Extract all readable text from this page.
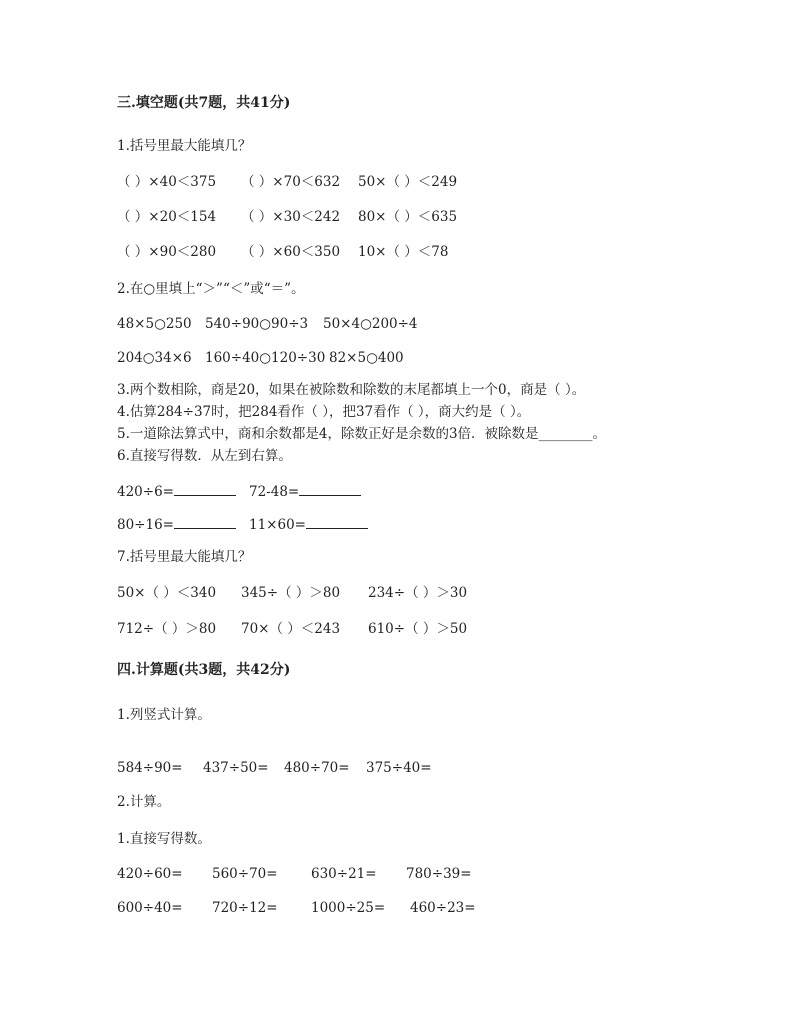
三.填空题(共7题，共41分)
1.括号里最大能填几？
（ ）×40＜375 （ ）×70＜632 50×（ ）＜249
（ ）×20＜154 （ ）×30＜242 80×（ ）＜635
（ ）×90＜280 （ ）×60＜350 10×（ ）＜78
2.在○里填上“＞”“＜”或“＝”。
48×5○250 540÷90○90÷3 50×4○200÷4
204○34×6 160÷40○120÷30 82×5○400
3.两个数相除，商是20，如果在被除数和除数的末尾都填上一个0，商是（ ）。
4.估算284÷37时，把284看作（ ），把37看作（ ），商大约是（ ）。
5.一道除法算式中，商和余数都是4，除数正好是余数的3倍．被除数是________。
6.直接写得数．从左到右算。
420÷6=	72-48=
80÷16=	11×60=
7.括号里最大能填几？
50×（ ）＜340 345÷（ ）＞80 234÷（ ）＞30
712÷（ ）＞80 70×（ ）＜243 610÷（ ）＞50
四.计算题(共3题，共42分)
1.列竖式计算。
584÷90= 437÷50= 480÷70= 375÷40=
2.计算。
1.直接写得数。
420÷60= 560÷70= 630÷21= 780÷39=
600÷40= 720÷12= 1000÷25= 460÷23=
